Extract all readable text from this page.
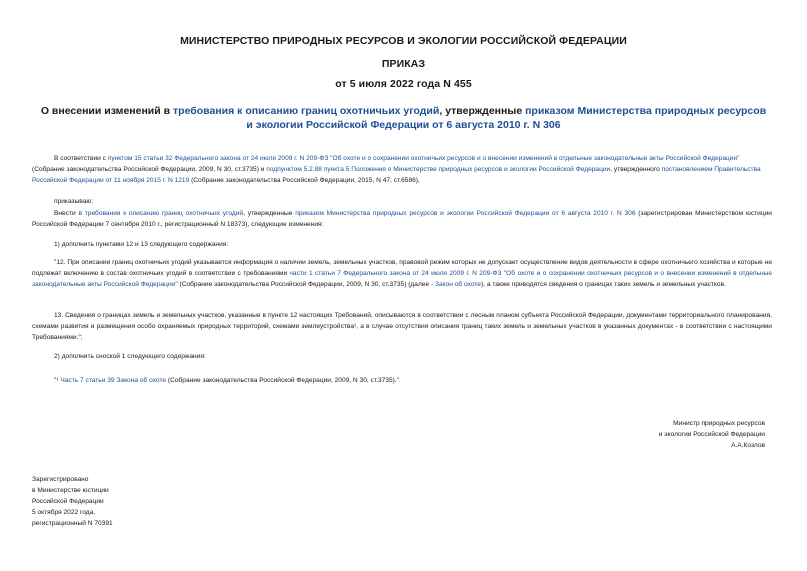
МИНИСТЕРСТВО ПРИРОДНЫХ РЕСУРСОВ И ЭКОЛОГИИ РОССИЙСКОЙ ФЕДЕРАЦИИ
ПРИКАЗ
от 5 июля 2022 года N 455
О внесении изменений в требования к описанию границ охотничьих угодий, утвержденные приказом Министерства природных ресурсов и экологии Российской Федерации от 6 августа 2010 г. N 306
В соответствии с пунктом 15 статьи 32 Федерального закона от 24 июля 2009 г. N 209-ФЗ "Об охоте и о сохранении охотничьих ресурсов и о внесении изменений в отдельные законодательные акты Российской Федерации" (Собрание законодательства Российской Федерации, 2009, N 30, ст.3735) и подпунктом 5.2.88 пункта 5 Положения о Министерстве природных ресурсов и экологии Российской Федерации, утвержденного постановлением Правительства Российской Федерации от 11 ноября 2015 г. N 1219 (Собрание законодательства Российской Федерации, 2015, N 47, ст.6586),
приказываю:
Внести в требования к описанию границ охотничьих угодий, утвержденные приказом Министерства природных ресурсов и экологии Российской Федерации от 6 августа 2010 г. N 306 (зарегистрирован Министерством юстиции Российской Федерации 7 сентября 2010 г., регистрационный N 18373), следующие изменения:
1) дополнить пунктами 12 и 13 следующего содержания:
"12. При описании границ охотничьих угодий указывается информация о наличии земель, земельных участков, правовой режим которых не допускает осуществление видов деятельности в сфере охотничьего хозяйства и которые не подлежат включению в состав охотничьих угодий в соответствии с требованиями части 1 статьи 7 Федерального закона от 24 июля 2009 г. N 209-ФЗ "Об охоте и о сохранении охотничьих ресурсов и о внесении изменений в отдельные законодательные акты Российской Федерации" (Собрание законодательства Российской Федерации, 2009, N 30, ст.3735) (далее - Закон об охоте), а также приводятся сведения о границах таких земель и земельных участков.
13. Сведения о границах земель и земельных участков, указанные в пункте 12 настоящих Требований, описываются в соответствии с лесным планом субъекта Российской Федерации, документами территориального планирования, схемами развития и размещения особо охраняемых природных территорий, схемами землеустройства¹, а в случае отсутствия описания границ таких земель и земельных участков в указанных документах - в соответствии с настоящими Требованиями.";
2) дополнить сноской 1 следующего содержания:
"¹ Часть 7 статьи 39 Закона об охоте (Собрание законодательства Российской Федерации, 2009, N 30, ст.3735).".
Министр природных ресурсов
и экологии Российской Федерации
А.А.Козлов
Зарегистрировано
в Министерстве юстиции
Российской Федерации
5 октября 2022 года,
регистрационный N 70391
